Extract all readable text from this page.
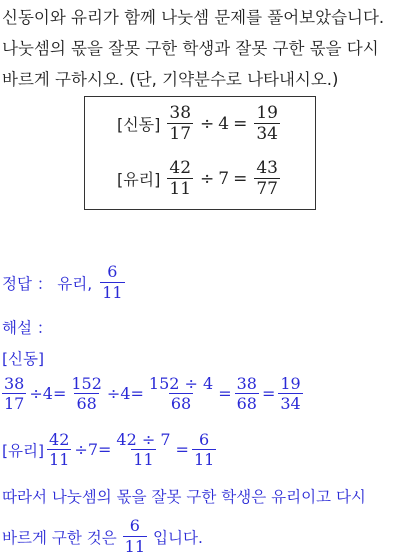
신동이와 유리가 함께 나눗셈 문제를 풀어보았습니다. 나눗셈의 몫을 잘못 구한 학생과 잘못 구한 몫을 다시 바르게 구하시오. (단, 기약분수로 나타내시오.)
[신동] $\frac{38}{17} \div 4 = \frac{19}{34}$
[유리] $\frac{42}{11} \div 7 = \frac{43}{77}$
정답 ： 유리, $\frac{6}{11}$
해설 ：
[신동]
$\frac{38}{17} \div 4 = \frac{152}{68} \div 4 = \frac{152 \div 4}{68} = \frac{38}{68} = \frac{19}{34}$
[유리] $\frac{42}{11} \div 7 = \frac{42 \div 7}{11} = \frac{6}{11}$
따라서 나눗셈의 몫을 잘못 구한 학생은 유리이고 다시
바르게 구한 것은 $\frac{6}{11}$ 입니다.
